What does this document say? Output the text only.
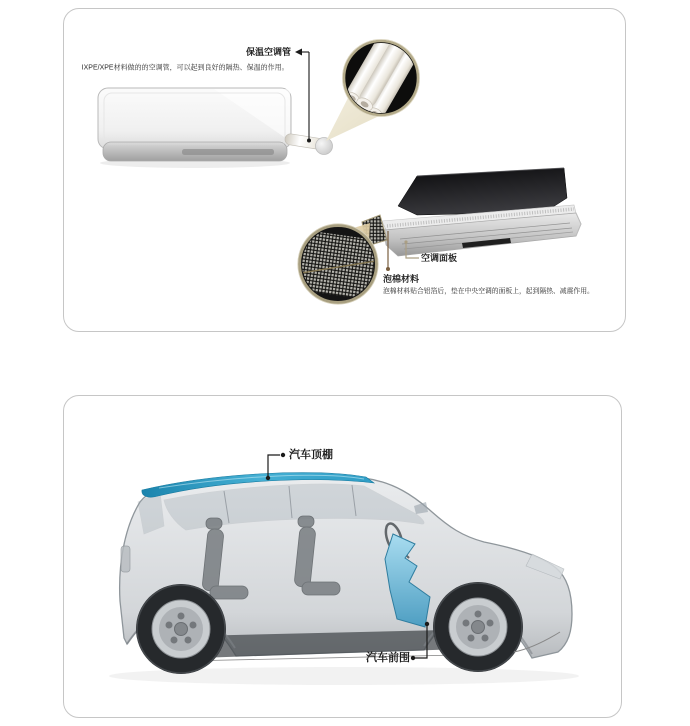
保温空调管
IXPE/XPE材料做的的空调管，可以起到良好的隔热、保温的作用。
空调面板
泡棉材料
泡棉材料贴合铝箔后，垫在中央空调的面板上，起到隔热、减震作用。
汽车顶棚
汽车前围
